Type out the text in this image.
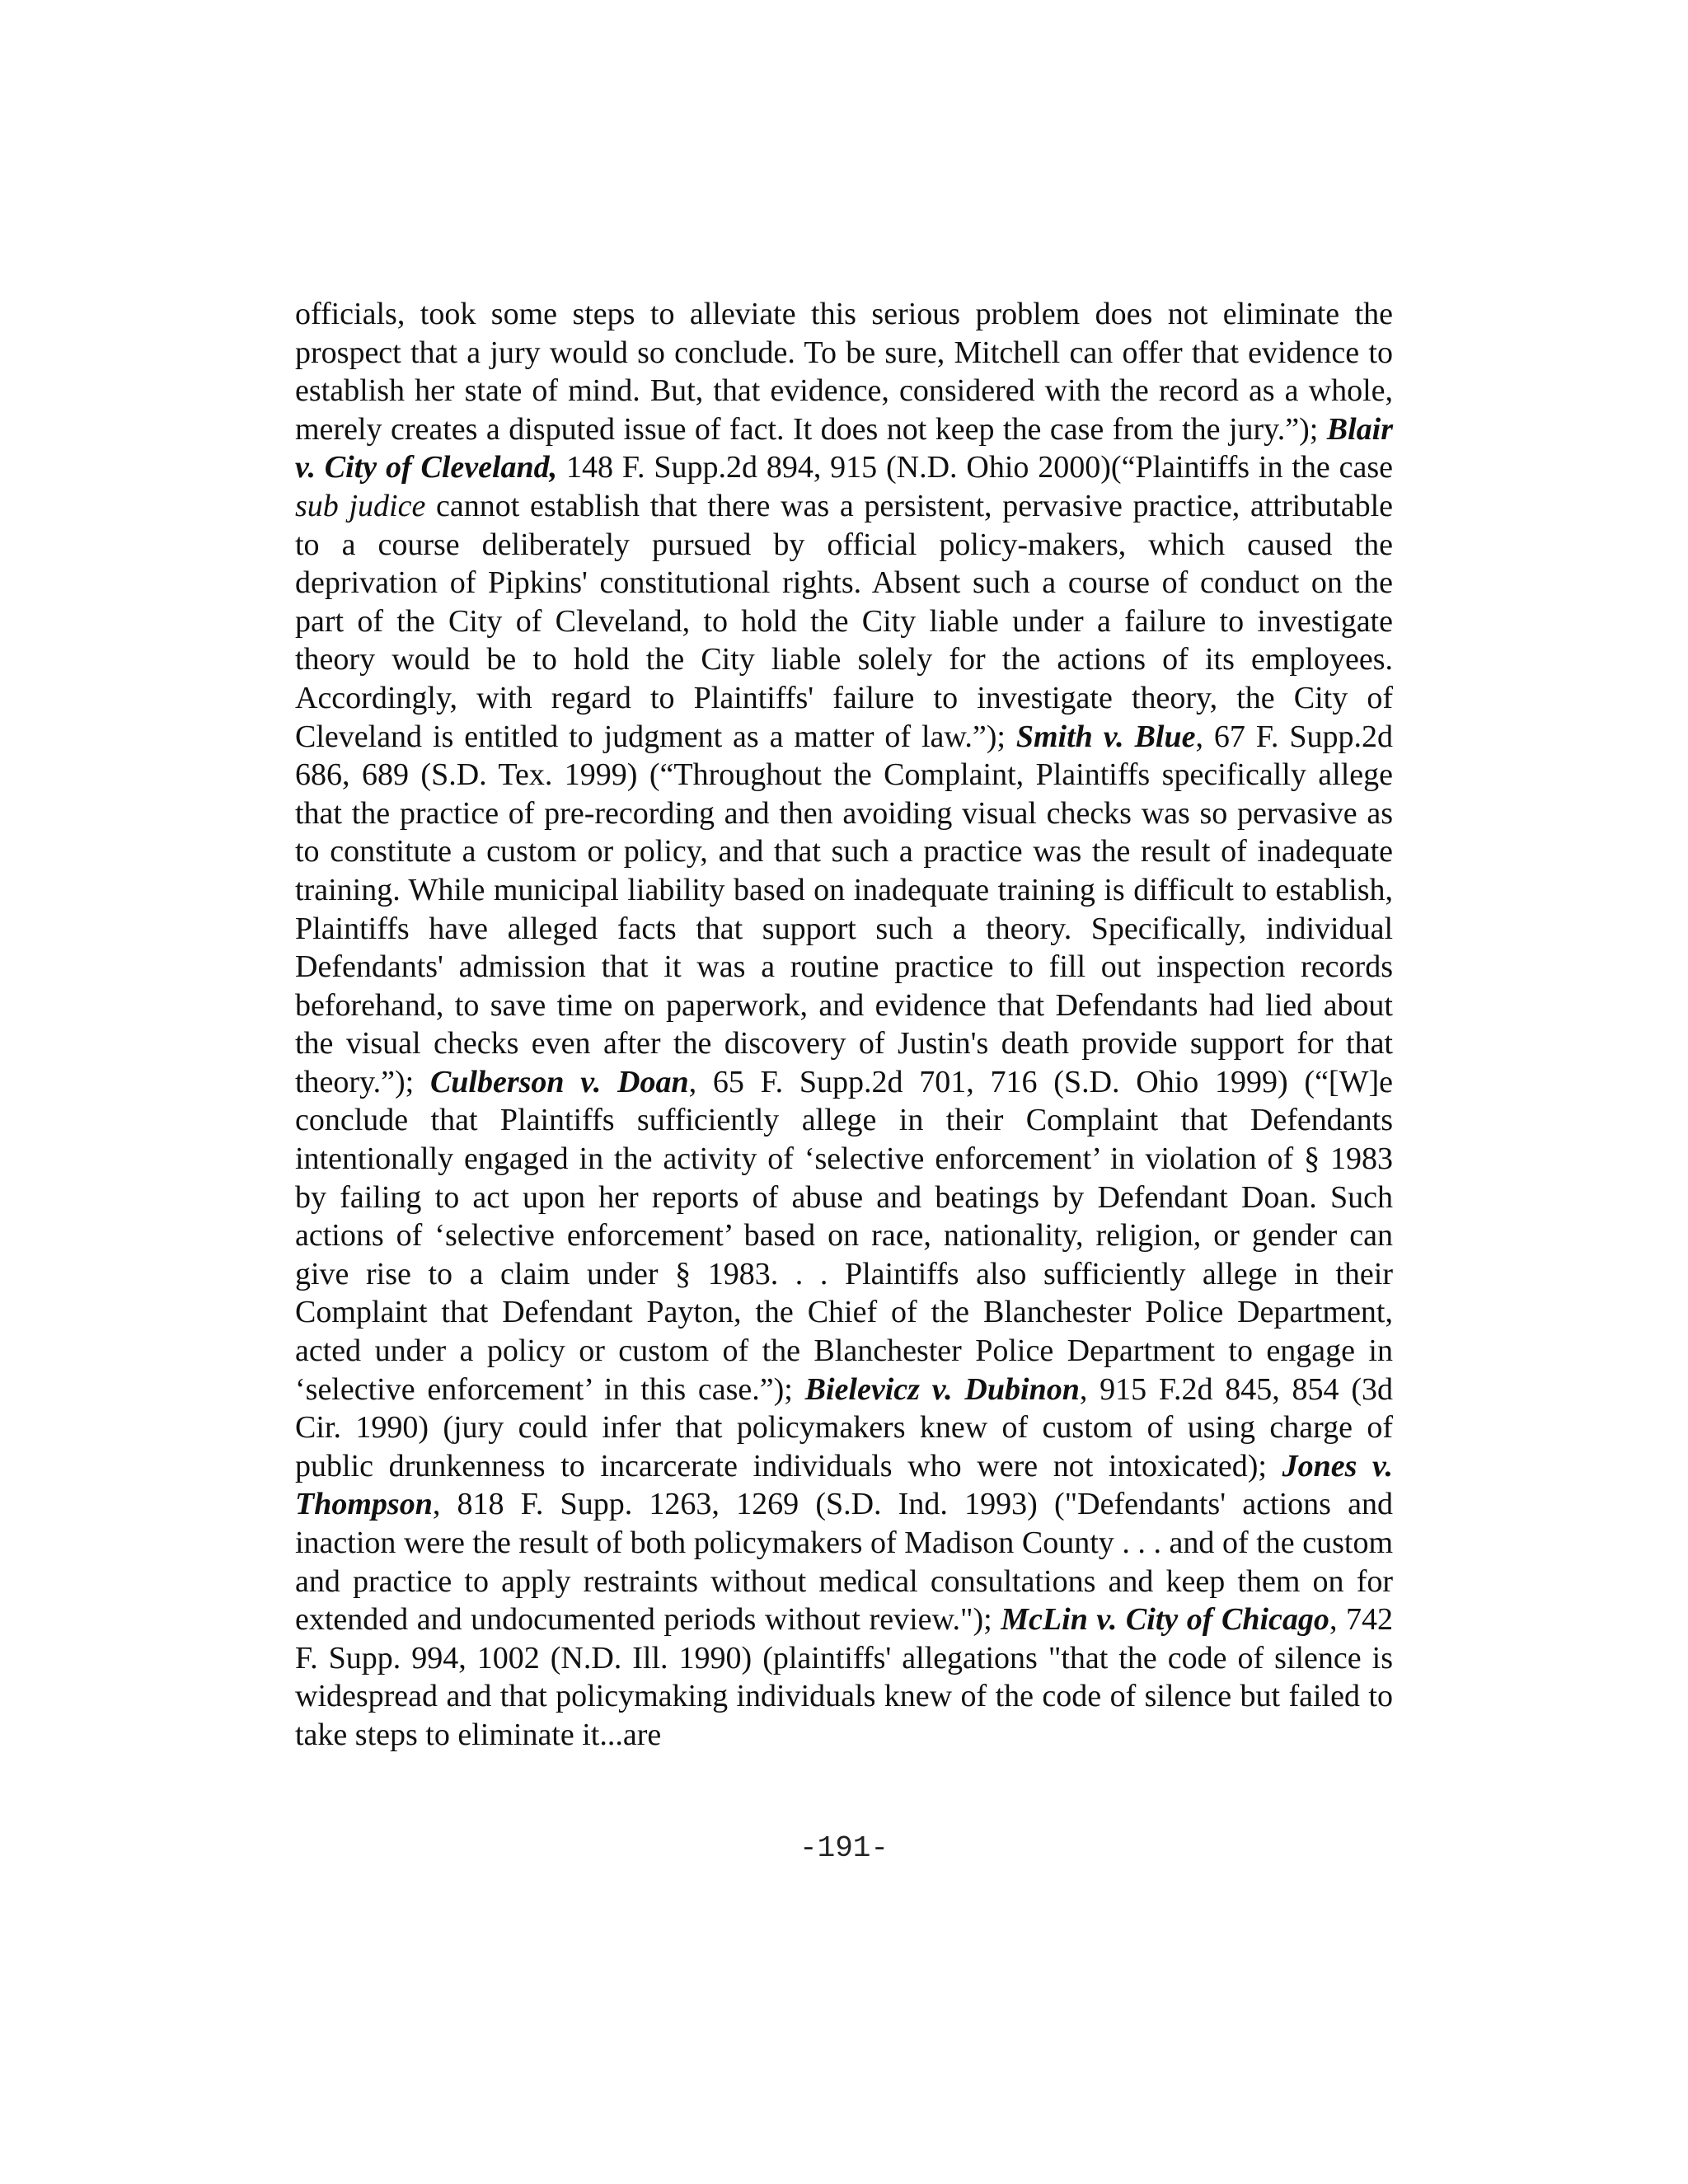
officials, took some steps to alleviate this serious problem does not eliminate the prospect that a jury would so conclude. To be sure, Mitchell can offer that evidence to establish her state of mind. But, that evidence, considered with the record as a whole, merely creates a disputed issue of fact. It does not keep the case from the jury.”); Blair v. City of Cleveland, 148 F. Supp.2d 894, 915 (N.D. Ohio 2000)(“Plaintiffs in the case sub judice cannot establish that there was a persistent, pervasive practice, attributable to a course deliberately pursued by official policy-makers, which caused the deprivation of Pipkins' constitutional rights. Absent such a course of conduct on the part of the City of Cleveland, to hold the City liable under a failure to investigate theory would be to hold the City liable solely for the actions of its employees. Accordingly, with regard to Plaintiffs' failure to investigate theory, the City of Cleveland is entitled to judgment as a matter of law.”); Smith v. Blue, 67 F. Supp.2d 686, 689 (S.D. Tex. 1999) (“Throughout the Complaint, Plaintiffs specifically allege that the practice of pre-recording and then avoiding visual checks was so pervasive as to constitute a custom or policy, and that such a practice was the result of inadequate training. While municipal liability based on inadequate training is difficult to establish, Plaintiffs have alleged facts that support such a theory. Specifically, individual Defendants' admission that it was a routine practice to fill out inspection records beforehand, to save time on paperwork, and evidence that Defendants had lied about the visual checks even after the discovery of Justin's death provide support for that theory.”); Culberson v. Doan, 65 F. Supp.2d 701, 716 (S.D. Ohio 1999) (“[W]e conclude that Plaintiffs sufficiently allege in their Complaint that Defendants intentionally engaged in the activity of ‘selective enforcement’ in violation of § 1983 by failing to act upon her reports of abuse and beatings by Defendant Doan. Such actions of ‘selective enforcement’ based on race, nationality, religion, or gender can give rise to a claim under § 1983. . . Plaintiffs also sufficiently allege in their Complaint that Defendant Payton, the Chief of the Blanchester Police Department, acted under a policy or custom of the Blanchester Police Department to engage in ‘selective enforcement’ in this case.”); Bielevicz v. Dubinon, 915 F.2d 845, 854 (3d Cir. 1990) (jury could infer that policymakers knew of custom of using charge of public drunkenness to incarcerate individuals who were not intoxicated); Jones v. Thompson, 818 F. Supp. 1263, 1269 (S.D. Ind. 1993) ("Defendants' actions and inaction were the result of both policymakers of Madison County . . . and of the custom and practice to apply restraints without medical consultations and keep them on for extended and undocumented periods without review."); McLin v. City of Chicago, 742 F. Supp. 994, 1002 (N.D. Ill. 1990) (plaintiffs' allegations "that the code of silence is widespread and that policymaking individuals knew of the code of silence but failed to take steps to eliminate it...are

-191-
